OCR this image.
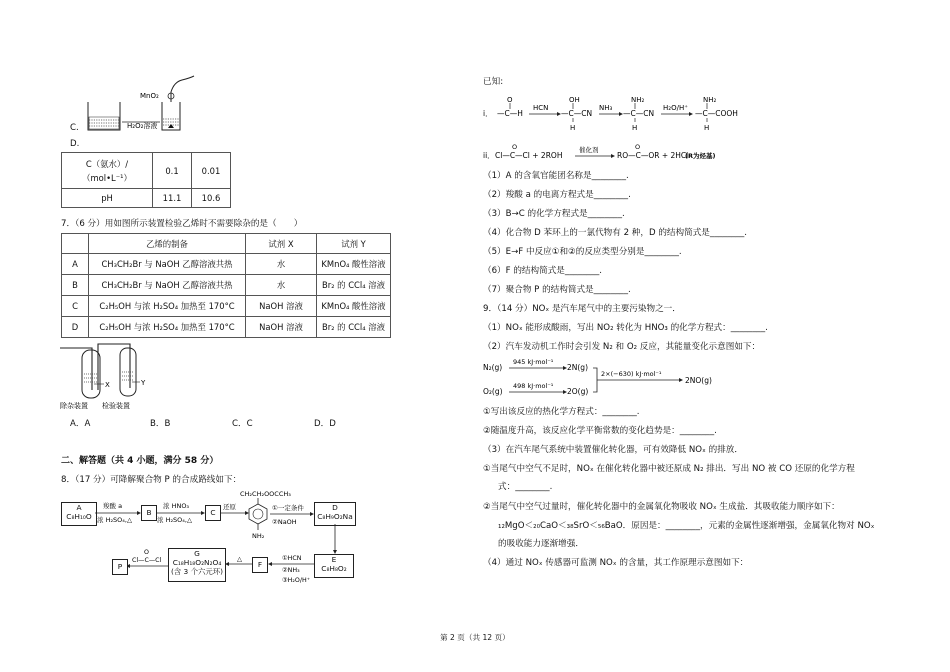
H₂O₂溶液
MnO₂
C.
D.
C（氨水）/
（mol•L⁻¹）	0.1	0.01

pH	11.1	10.6
7．（6 分）用如图所示装置检验乙烯时不需要除杂的是（　　）
	乙烯的制备	试剂 X	试剂 Y
A	CH₃CH₂Br 与 NaOH 乙醇溶液共热	水	KMnO₄ 酸性溶液
B	CH₃CH₂Br 与 NaOH 乙醇溶液共热	水	Br₂ 的 CCl₄ 溶液
C	C₂H₅OH 与浓 H₂SO₄ 加热至 170°C	NaOH 溶液	KMnO₄ 酸性溶液
D	C₂H₅OH 与浓 H₂SO₄ 加热至 170°C	NaOH 溶液	Br₂ 的 CCl₄ 溶液
X	Y
除杂装置 检验装置
A．A	B．B	C．C	D．D
二、解答题（共 4 小题，满分 58 分）
8．（17 分）可降解聚合物 P 的合成路线如下：
A
C₈H₁₀O
羧酸 a
浓 H₂SO₄,△
B
浓 HNO₃
浓 H₂SO₄,△
C
还原
CH₂CH₂OOCCH₃
NH₂
①一定条件
②NaOH
D
C₈H₉O₂Na
E
C₈H₈O₂
①HCN
②NH₃
③H₂O/H⁺
F
△
G
C₁₈H₁₈O₂N₂O₄
(含 3 个六元环)
O
Cl—C—Cl
P
已知:
i．
O
—C—H
HCN
OH
—C—CN
H
NH₃
NH₂
—C—CN
H
H₂O/H⁺
NH₂
—C—COOH
H
ii．
O
Cl—C—Cl + 2ROH
催化剂	O
RO—C—OR + 2HCl
(R为烃基)
（1）A 的含氧官能团名称是________.
（2）羧酸 a 的电离方程式是________.
（3）B→C 的化学方程式是________.
（4）化合物 D 苯环上的一氯代物有 2 种，D 的结构简式是________.
（5）E→F 中反应①和②的反应类型分别是________.
（6）F 的结构简式是________.
（7）聚合物 P 的结构简式是________.
9．（14 分）NOₓ 是汽车尾气中的主要污染物之一．
（1）NOₓ 能形成酸雨，写出 NO₂ 转化为 HNO₃ 的化学方程式：________.
（2）汽车发动机工作时会引发 N₂ 和 O₂ 反应，其能量变化示意图如下：
N₂(g)
945 kJ·mol⁻¹
2N(g)
O₂(g)
498 kJ·mol⁻¹
2O(g)
2×(−630) kJ·mol⁻¹
2NO(g)
①写出该反应的热化学方程式：________.
②随温度升高，该反应化学平衡常数的变化趋势是：________.
（3）在汽车尾气系统中装置催化转化器，可有效降低 NOₓ 的排放．
①当尾气中空气不足时，NOₓ 在催化转化器中被还原成 N₂ 排出．写出 NO 被 CO 还原的化学方程
式：________.
②当尾气中空气过量时，催化转化器中的金属氧化物吸收 NOₓ 生成盐．其吸收能力顺序如下：
₁₂MgO＜₂₀CaO＜₃₈SrO＜₅₆BaO．原因是：________，元素的金属性逐渐增强，金属氧化物对 NOₓ
的吸收能力逐渐增强．
（4）通过 NOₓ 传感器可监测 NOₓ 的含量，其工作原理示意图如下：
第 2 页（共 12 页）
